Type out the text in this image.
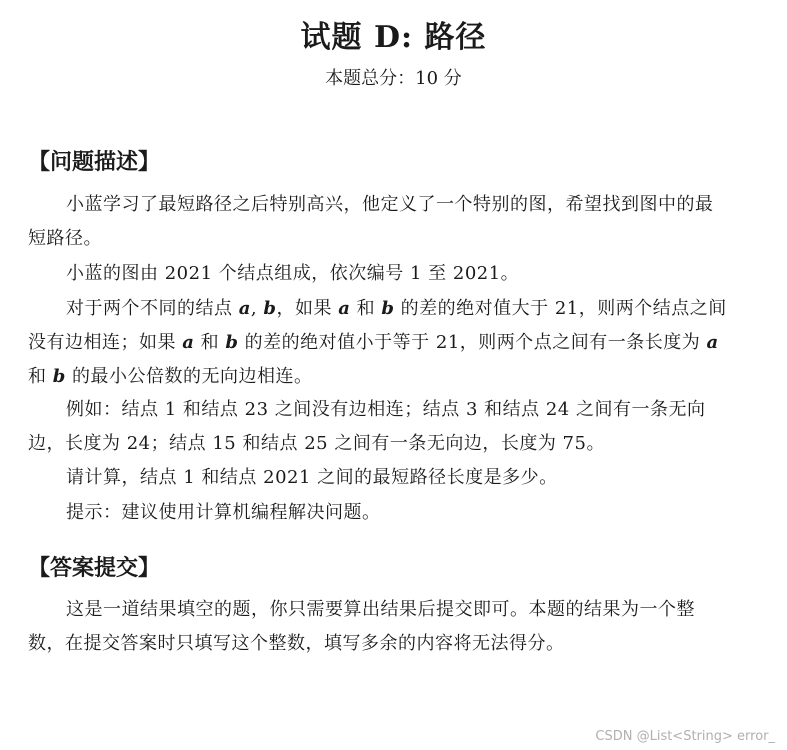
试题 D: 路径
本题总分：10 分
【问题描述】

小蓝学习了最短路径之后特别高兴，他定义了一个特别的图，希望找到图中的最短路径。

小蓝的图由 2021 个结点组成，依次编号 1 至 2021。

对于两个不同的结点 a, b，如果 a 和 b 的差的绝对值大于 21，则两个结点之间没有边相连；如果 a 和 b 的差的绝对值小于等于 21，则两个点之间有一条长度为 a 和 b 的最小公倍数的无向边相连。

例如：结点 1 和结点 23 之间没有边相连；结点 3 和结点 24 之间有一条无向边，长度为 24；结点 15 和结点 25 之间有一条无向边，长度为 75。

请计算，结点 1 和结点 2021 之间的最短路径长度是多少。

提示：建议使用计算机编程解决问题。

【答案提交】

这是一道结果填空的题，你只需要算出结果后提交即可。本题的结果为一个整数，在提交答案时只填写这个整数，填写多余的内容将无法得分。

CSDN @List<String> error_
